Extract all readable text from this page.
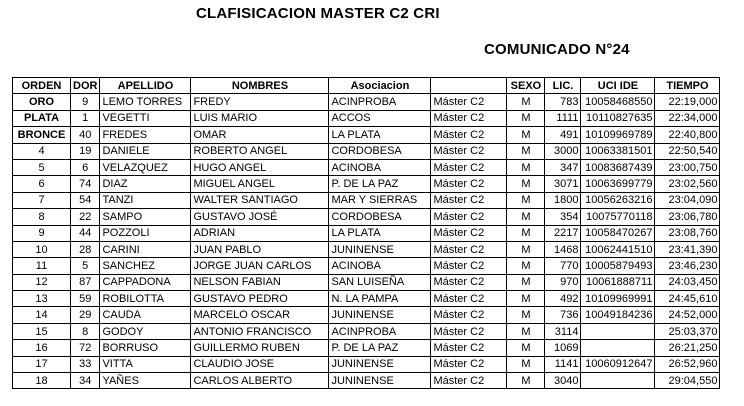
CLAFISICACION MASTER C2 CRI
COMUNICADO N°24
ORDEN	DOR	APELLIDO	NOMBRES	Asociacion		SEXO	LIC.	UCI IDE	TIEMPO
ORO	9	LEMO TORRES	FREDY	ACINPROBA	Máster C2	M	783	10058468550	22:19,000
PLATA	1	VEGETTI	LUIS MARIO	ACCOS	Máster C2	M	1111	10110827635	22:34,000
BRONCE	40	FREDES	OMAR	LA PLATA	Máster C2	M	491	10109969789	22:40,800
4	19	DANIELE	ROBERTO ANGEL	CORDOBESA	Máster C2	M	3000	10063381501	22:50,540
5	6	VELAZQUEZ	HUGO ANGEL	ACINOBA	Máster C2	M	347	10083687439	23:00,750
6	74	DIAZ	MIGUEL ANGEL	P. DE LA PAZ	Máster C2	M	3071	10063699779	23:02,560
7	54	TANZI	WALTER SANTIAGO	MAR Y SIERRAS	Máster C2	M	1800	10056263216	23:04,090
8	22	SAMPO	GUSTAVO JOSÉ	CORDOBESA	Máster C2	M	354	10075770118	23:06,780
9	44	POZZOLI	ADRIAN	LA PLATA	Máster C2	M	2217	10058470267	23:08,760
10	28	CARINI	JUAN PABLO	JUNINENSE	Máster C2	M	1468	10062441510	23:41,390
11	5	SANCHEZ	JORGE JUAN CARLOS	ACINOBA	Máster C2	M	770	10005879493	23:46,230
12	87	CAPPADONA	NELSON FABIAN	SAN LUISEÑA	Máster C2	M	970	10061888711	24:03,450
13	59	ROBILOTTA	GUSTAVO PEDRO	N. LA PAMPA	Máster C2	M	492	10109969991	24:45,610
14	29	CAUDA	MARCELO OSCAR	JUNINENSE	Máster C2	M	736	10049184236	24:52,000
15	8	GODOY	ANTONIO FRANCISCO	ACINPROBA	Máster C2	M	3114		25:03,370
16	72	BORRUSO	GUILLERMO RUBEN	P. DE LA PAZ	Máster C2	M	1069		26:21,250
17	33	VITTA	CLAUDIO JOSE	JUNINENSE	Máster C2	M	1141	10060912647	26:52,960
18	34	YAÑES	CARLOS ALBERTO	JUNINENSE	Máster C2	M	3040		29:04,550
